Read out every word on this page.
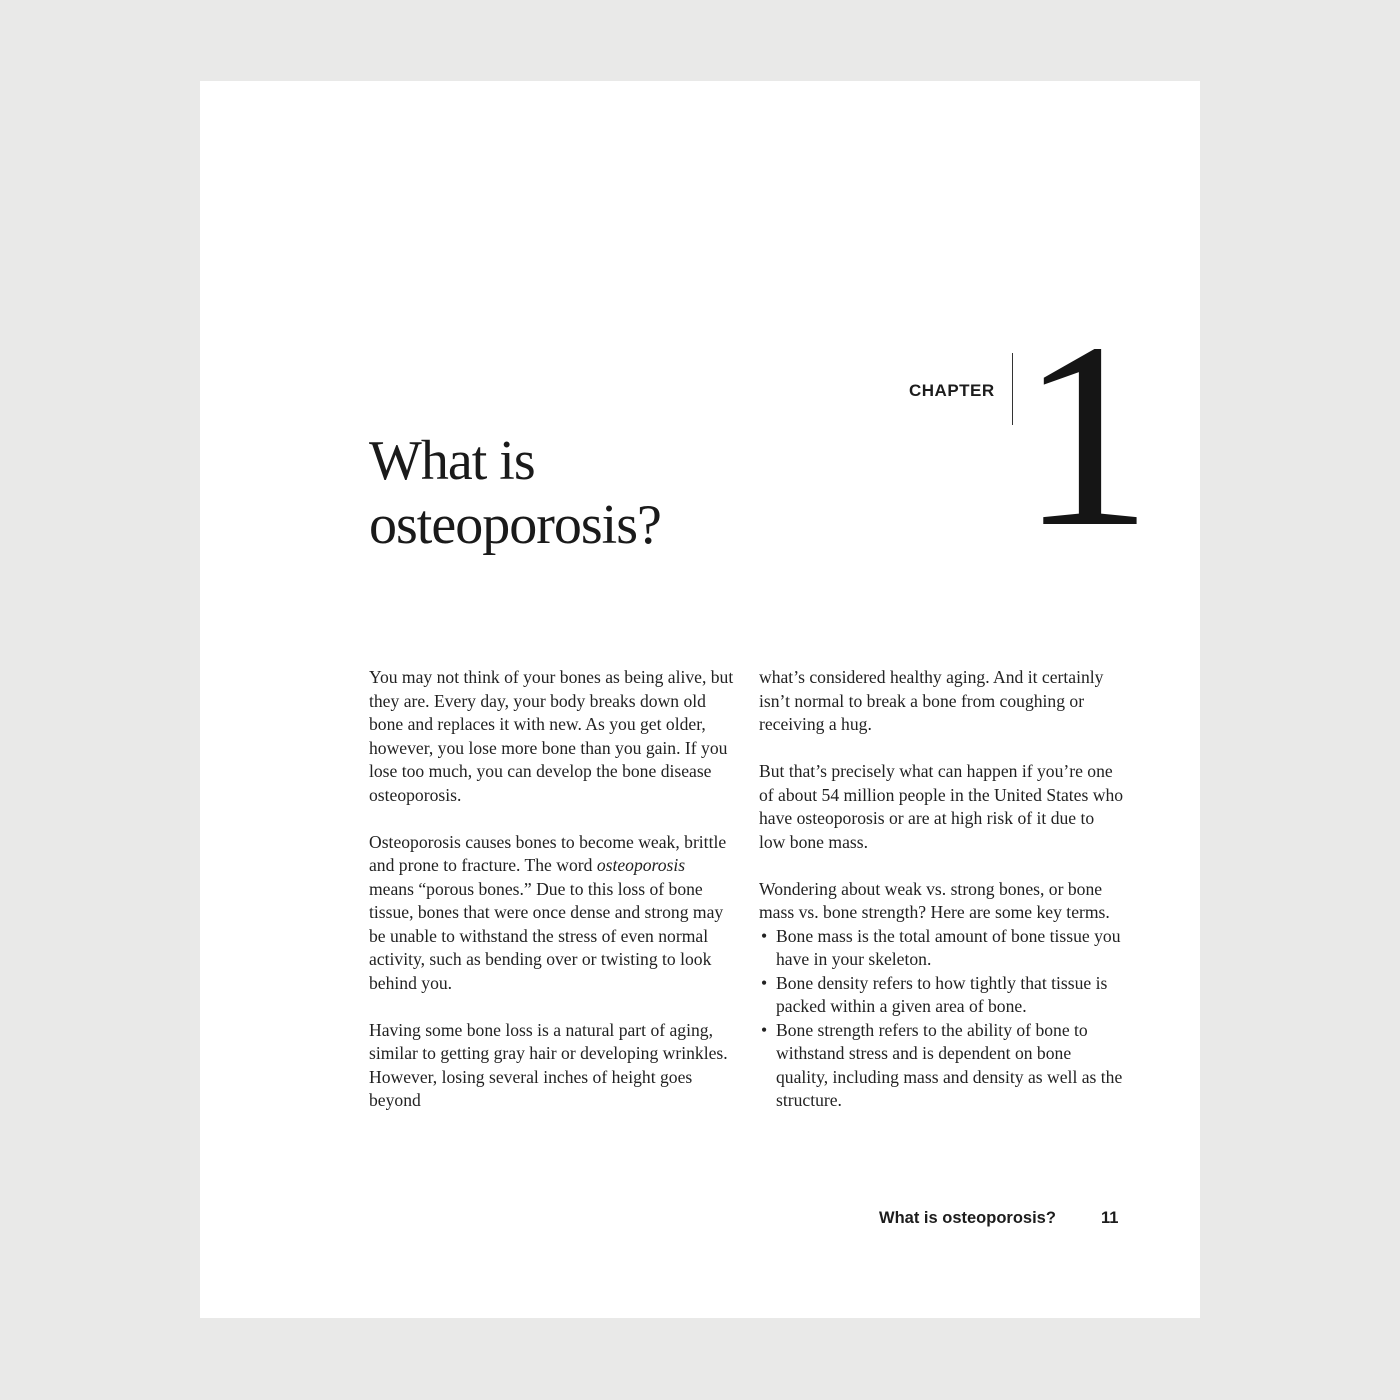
CHAPTER 1
What is
osteoporosis?

You may not think of your bones as being alive, but they are. Every day, your body breaks down old bone and replaces it with new. As you get older, however, you lose more bone than you gain. If you lose too much, you can develop the bone disease osteoporosis.

Osteoporosis causes bones to become weak, brittle and prone to fracture. The word osteoporosis means “porous bones.” Due to this loss of bone tissue, bones that were once dense and strong may be unable to withstand the stress of even normal activity, such as bending over or twisting to look behind you.

Having some bone loss is a natural part of aging, similar to getting gray hair or developing wrinkles. However, losing several inches of height goes beyond

what’s considered healthy aging. And it certainly isn’t normal to break a bone from coughing or receiving a hug.

But that’s precisely what can happen if you’re one of about 54 million people in the United States who have osteoporosis or are at high risk of it due to low bone mass.

Wondering about weak vs. strong bones, or bone mass vs. bone strength? Here are some key terms.

• Bone mass is the total amount of bone tissue you have in your skeleton.
• Bone density refers to how tightly that tissue is packed within a given area of bone.
• Bone strength refers to the ability of bone to withstand stress and is dependent on bone quality, including mass and density as well as the structure.
What is osteoporosis?	11
